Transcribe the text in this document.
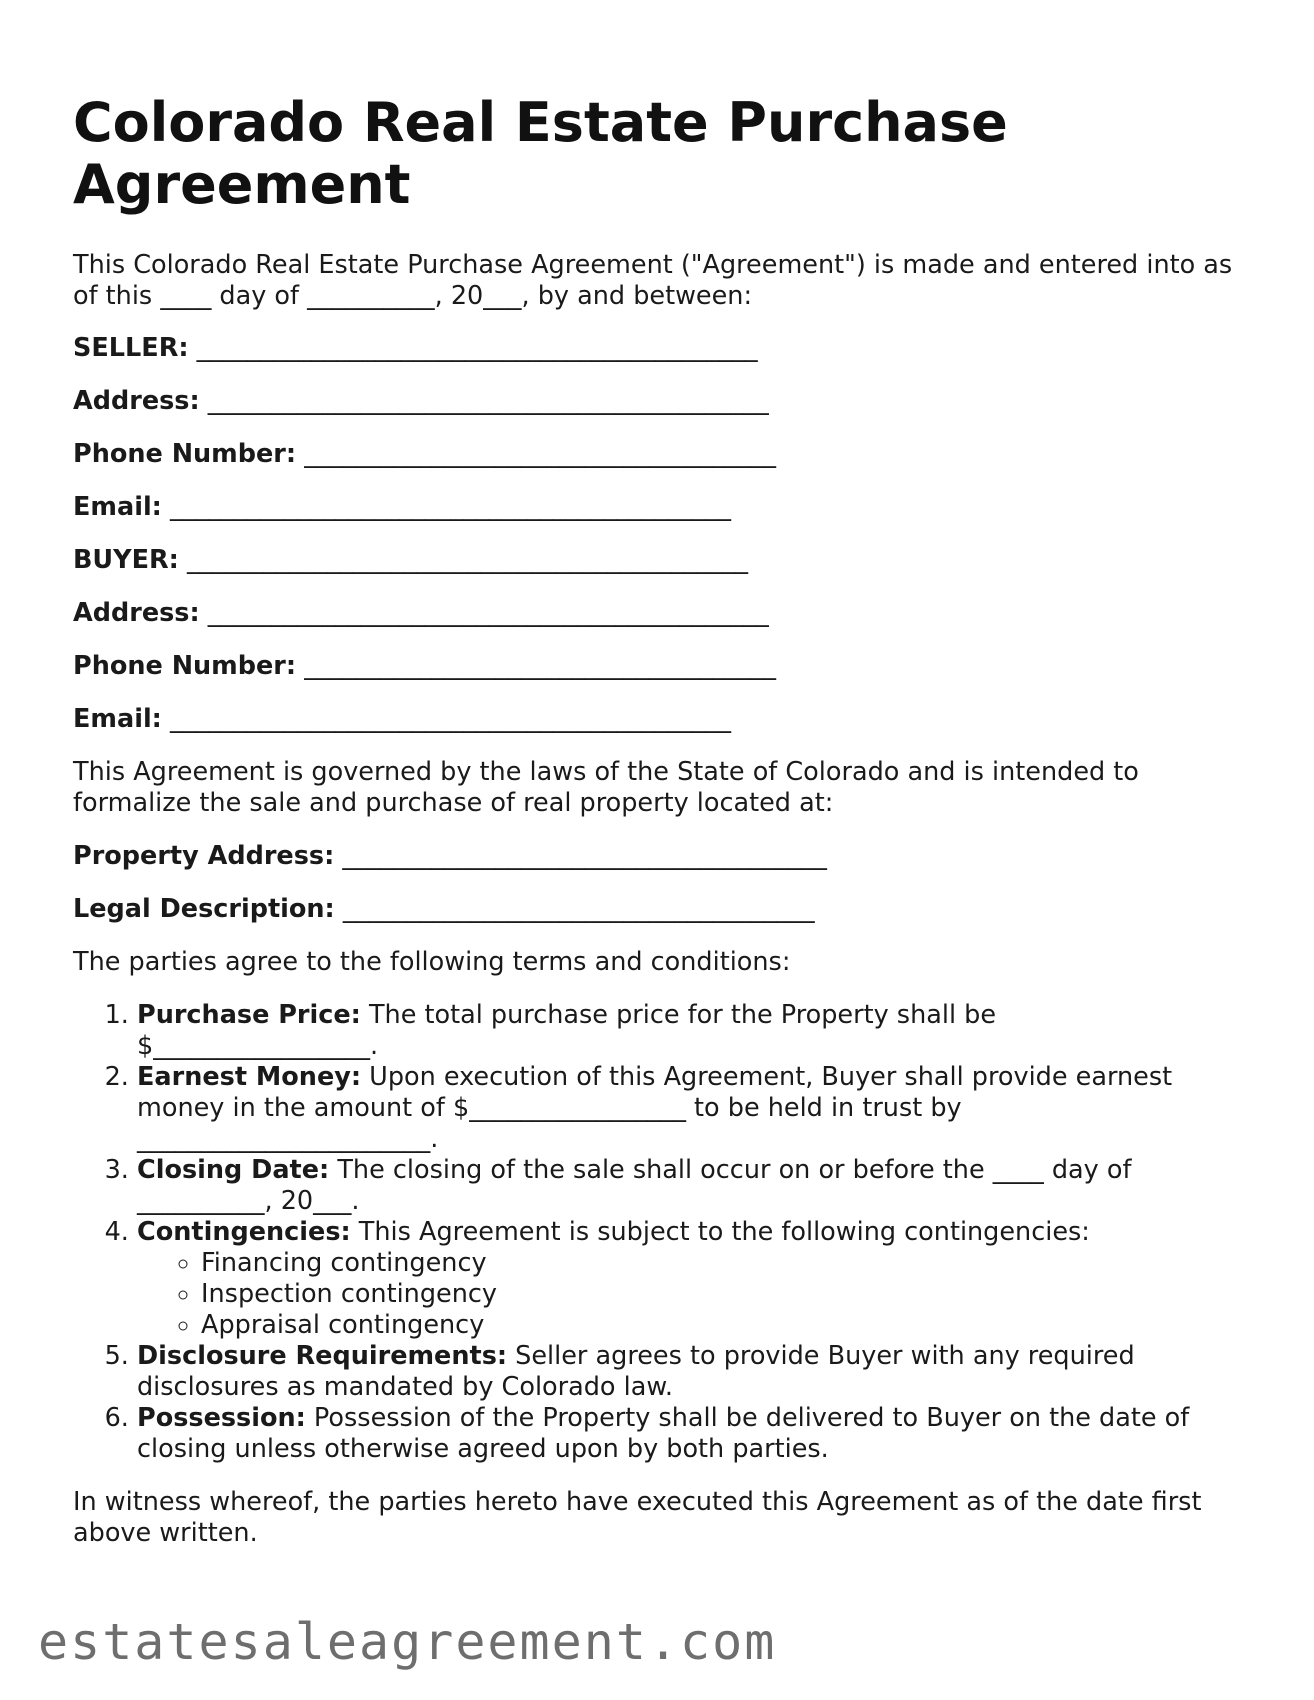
Colorado Real Estate Purchase Agreement

This Colorado Real Estate Purchase Agreement ("Agreement") is made and entered into as of this ____ day of __________, 20___, by and between:

SELLER: ____________________________________________
Address: ____________________________________________
Phone Number: _____________________________________
Email: ____________________________________________
BUYER: ____________________________________________
Address: ____________________________________________
Phone Number: _____________________________________
Email: ____________________________________________

This Agreement is governed by the laws of the State of Colorado and is intended to formalize the sale and purchase of real property located at:

Property Address: ______________________________________
Legal Description: _____________________________________

The parties agree to the following terms and conditions:

1. Purchase Price: The total purchase price for the Property shall be $_________________.
2. Earnest Money: Upon execution of this Agreement, Buyer shall provide earnest money in the amount of $_________________ to be held in trust by _______________________.
3. Closing Date: The closing of the sale shall occur on or before the ____ day of __________, 20___.
4. Contingencies: This Agreement is subject to the following contingencies:
◦ Financing contingency
◦ Inspection contingency
◦ Appraisal contingency
5. Disclosure Requirements: Seller agrees to provide Buyer with any required disclosures as mandated by Colorado law.
6. Possession: Possession of the Property shall be delivered to Buyer on the date of closing unless otherwise agreed upon by both parties.

In witness whereof, the parties hereto have executed this Agreement as of the date first above written.

estatesaleagreement.com
